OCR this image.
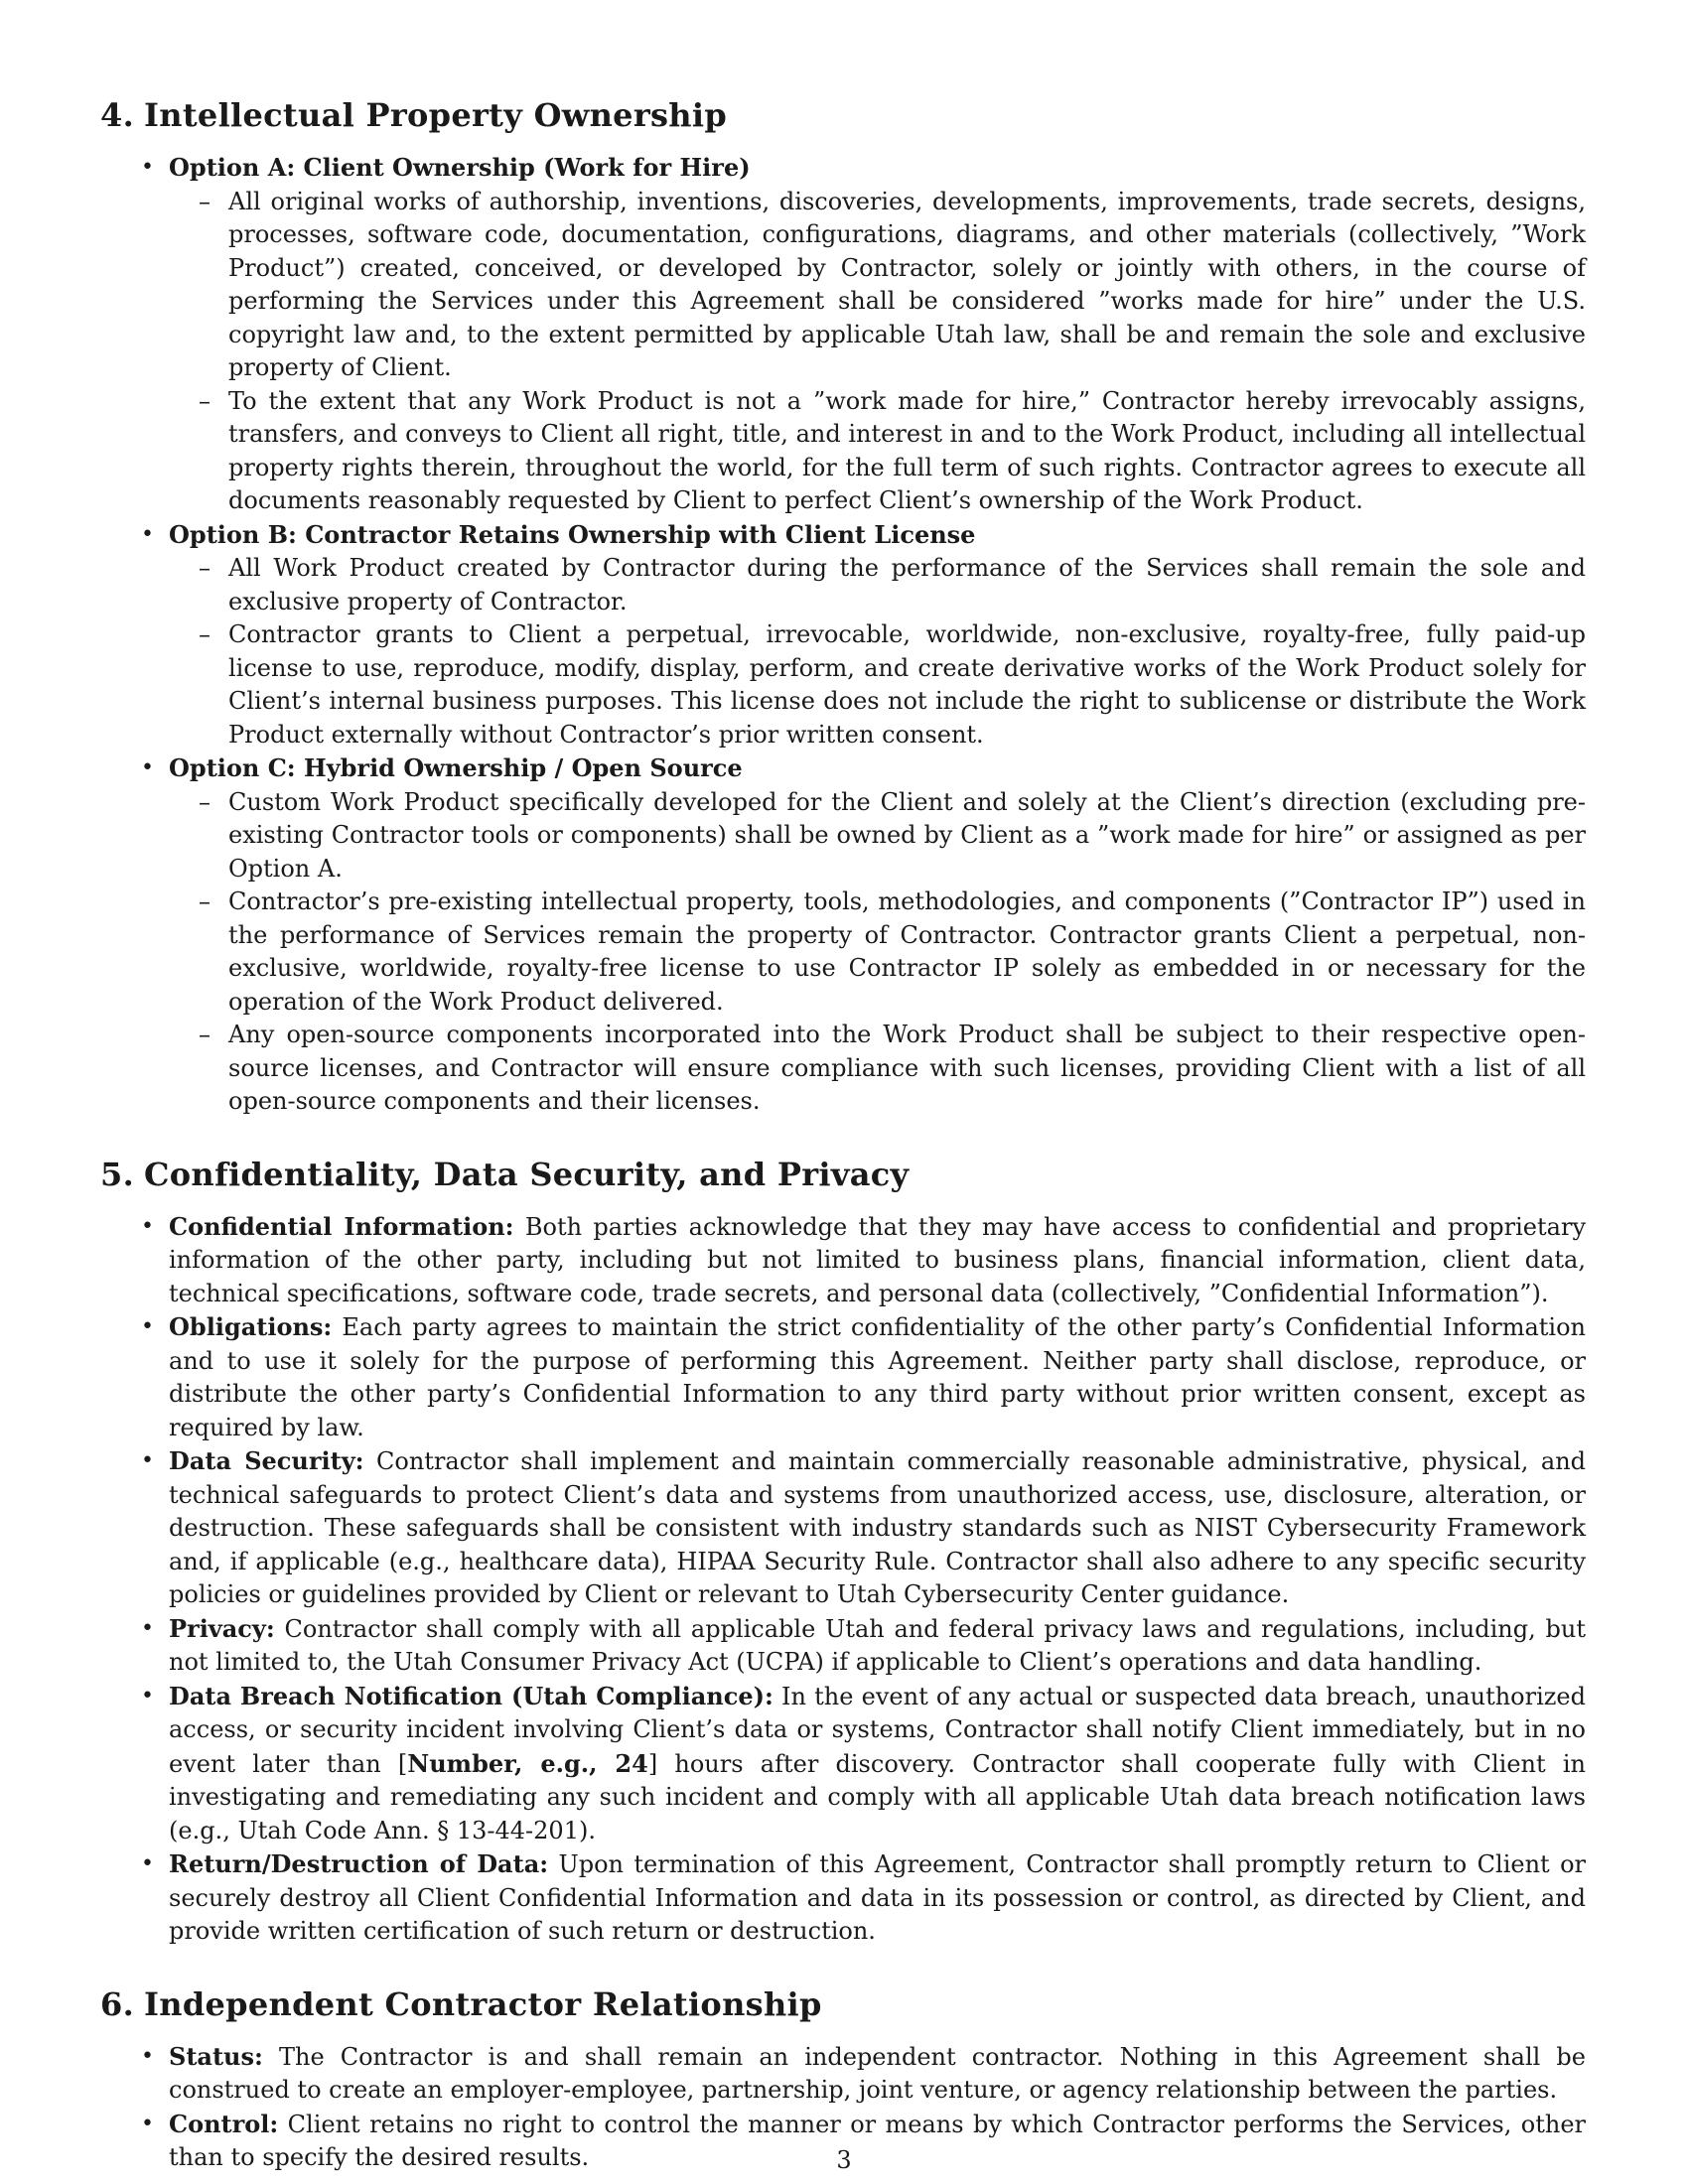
4. Intellectual Property Ownership
• Option A: Client Ownership (Work for Hire)
– All original works of authorship, inventions, discoveries, developments, improvements, trade secrets, designs, processes, software code, documentation, configurations, diagrams, and other materials (collectively, ”Work Product”) created, conceived, or developed by Contractor, solely or jointly with others, in the course of performing the Services under this Agreement shall be considered ”works made for hire” under the U.S. copyright law and, to the extent permitted by applicable Utah law, shall be and remain the sole and exclusive property of Client.
– To the extent that any Work Product is not a ”work made for hire,” Contractor hereby irrevocably assigns, transfers, and conveys to Client all right, title, and interest in and to the Work Product, including all intellectual property rights therein, throughout the world, for the full term of such rights. Contractor agrees to execute all documents reasonably requested by Client to perfect Client’s ownership of the Work Product.
• Option B: Contractor Retains Ownership with Client License
– All Work Product created by Contractor during the performance of the Services shall remain the sole and exclusive property of Contractor.
– Contractor grants to Client a perpetual, irrevocable, worldwide, non-exclusive, royalty-free, fully paid-up license to use, reproduce, modify, display, perform, and create derivative works of the Work Product solely for Client’s internal business purposes. This license does not include the right to sublicense or distribute the Work Product externally without Contractor’s prior written consent.
• Option C: Hybrid Ownership / Open Source
– Custom Work Product specifically developed for the Client and solely at the Client’s direction (excluding pre-existing Contractor tools or components) shall be owned by Client as a ”work made for hire” or assigned as per Option A.
– Contractor’s pre-existing intellectual property, tools, methodologies, and components (”Contractor IP”) used in the performance of Services remain the property of Contractor. Contractor grants Client a perpetual, non-exclusive, worldwide, royalty-free license to use Contractor IP solely as embedded in or necessary for the operation of the Work Product delivered.
– Any open-source components incorporated into the Work Product shall be subject to their respective open-source licenses, and Contractor will ensure compliance with such licenses, providing Client with a list of all open-source components and their licenses.
5. Confidentiality, Data Security, and Privacy
• Confidential Information: Both parties acknowledge that they may have access to confidential and proprietary information of the other party, including but not limited to business plans, financial information, client data, technical specifications, software code, trade secrets, and personal data (collectively, ”Confidential Information”).
• Obligations: Each party agrees to maintain the strict confidentiality of the other party’s Confidential Information and to use it solely for the purpose of performing this Agreement. Neither party shall disclose, reproduce, or distribute the other party’s Confidential Information to any third party without prior written consent, except as required by law.
• Data Security: Contractor shall implement and maintain commercially reasonable administrative, physical, and technical safeguards to protect Client’s data and systems from unauthorized access, use, disclosure, alteration, or destruction. These safeguards shall be consistent with industry standards such as NIST Cybersecurity Framework and, if applicable (e.g., healthcare data), HIPAA Security Rule. Contractor shall also adhere to any specific security policies or guidelines provided by Client or relevant to Utah Cybersecurity Center guidance.
• Privacy: Contractor shall comply with all applicable Utah and federal privacy laws and regulations, including, but not limited to, the Utah Consumer Privacy Act (UCPA) if applicable to Client’s operations and data handling.
• Data Breach Notification (Utah Compliance): In the event of any actual or suspected data breach, unauthorized access, or security incident involving Client’s data or systems, Contractor shall notify Client immediately, but in no event later than [Number, e.g., 24] hours after discovery. Contractor shall cooperate fully with Client in investigating and remediating any such incident and comply with all applicable Utah data breach notification laws (e.g., Utah Code Ann. § 13-44-201).
• Return/Destruction of Data: Upon termination of this Agreement, Contractor shall promptly return to Client or securely destroy all Client Confidential Information and data in its possession or control, as directed by Client, and provide written certification of such return or destruction.
6. Independent Contractor Relationship
• Status: The Contractor is and shall remain an independent contractor. Nothing in this Agreement shall be construed to create an employer-employee, partnership, joint venture, or agency relationship between the parties.
• Control: Client retains no right to control the manner or means by which Contractor performs the Services, other than to specify the desired results.	3
